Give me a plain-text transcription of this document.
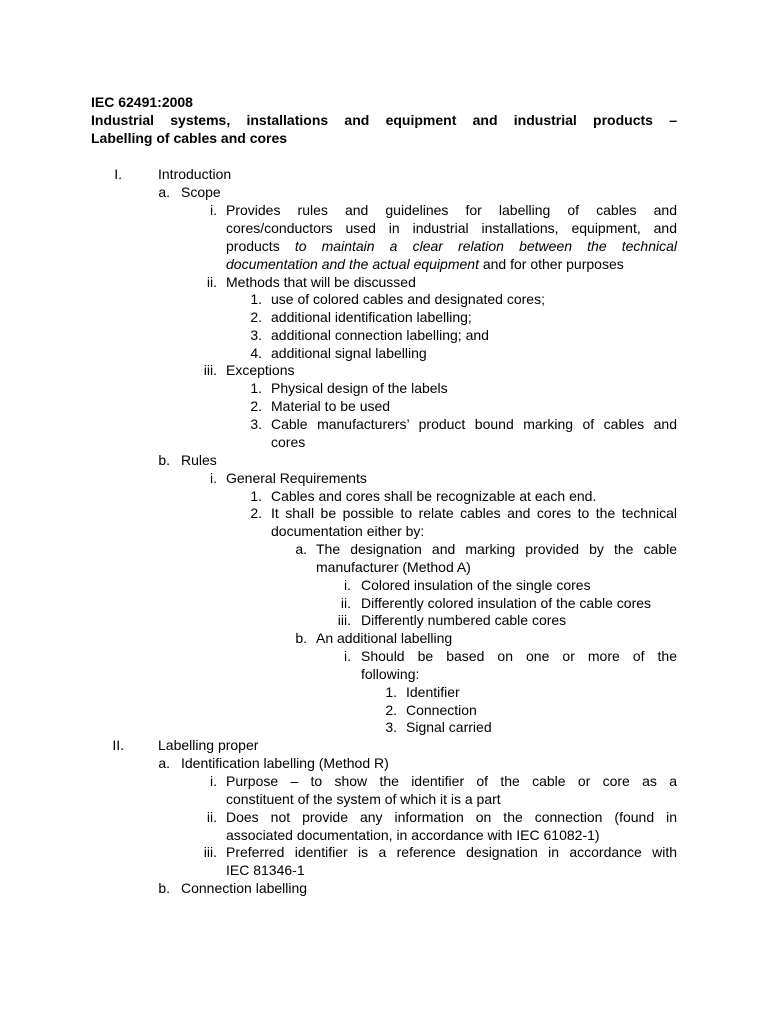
IEC 62491:2008
Industrial systems, installations and equipment and industrial products –
Labelling of cables and cores
I.	Introduction
a. Scope
i. Provides rules and guidelines for labelling of cables and
cores/conductors used in industrial installations, equipment, and
products to maintain a clear relation between the technical
documentation and the actual equipment and for other purposes
ii. Methods that will be discussed
1. use of colored cables and designated cores;
2. additional identification labelling;
3. additional connection labelling; and
4. additional signal labelling
iii. Exceptions
1. Physical design of the labels
2. Material to be used
3. Cable manufacturers’ product bound marking of cables and
cores
b. Rules
i. General Requirements
1. Cables and cores shall be recognizable at each end.
2. It shall be possible to relate cables and cores to the technical
documentation either by:
a. The designation and marking provided by the cable
manufacturer (Method A)
i. Colored insulation of the single cores
ii. Differently colored insulation of the cable cores
iii. Differently numbered cable cores
b. An additional labelling
i. Should be based on one or more of the
following:
1. Identifier
2. Connection
3. Signal carried
II. Labelling proper
a. Identification labelling (Method R)
i. Purpose – to show the identifier of the cable or core as a
constituent of the system of which it is a part
ii. Does not provide any information on the connection (found in
associated documentation, in accordance with IEC 61082-1)
iii. Preferred identifier is a reference designation in accordance with
IEC 81346-1
b. Connection labelling
